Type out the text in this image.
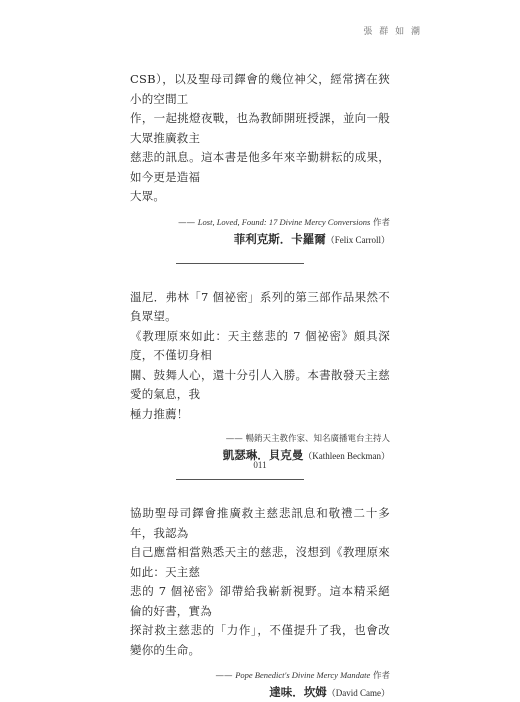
張 群 如 潮

CSB），以及聖母司鐸會的幾位神父，經常擠在狹小的空間工
作，一起挑燈夜戰，也為教師開班授課，並向一般大眾推廣救主
慈悲的訊息。這本書是他多年來辛勤耕耘的成果，如今更是造福
大眾。

—— Lost, Loved, Found: 17 Divine Mercy Conversions 作者

菲利克斯．卡羅爾（Felix Carroll）

溫尼．弗林「7 個祕密」系列的第三部作品果然不負眾望。
《教理原來如此：天主慈悲的 7 個祕密》頗具深度，不僅切身相
關、鼓舞人心，還十分引人入勝。本書散發天主慈愛的氣息，我
極力推薦！

—— 暢銷天主教作家、知名廣播電台主持人

凱瑟琳．貝克曼（Kathleen Beckman）

協助聖母司鐸會推廣救主慈悲訊息和敬禮二十多年，我認為
自己應當相當熟悉天主的慈悲，沒想到《教理原來如此：天主慈
悲的 7 個祕密》卻帶給我嶄新視野。這本精采絕倫的好書，實為
探討救主慈悲的「力作」，不僅提升了我，也會改變你的生命。

—— Pope Benedict's Divine Mercy Mandate 作者

達味．坎姆（David Came）

011
